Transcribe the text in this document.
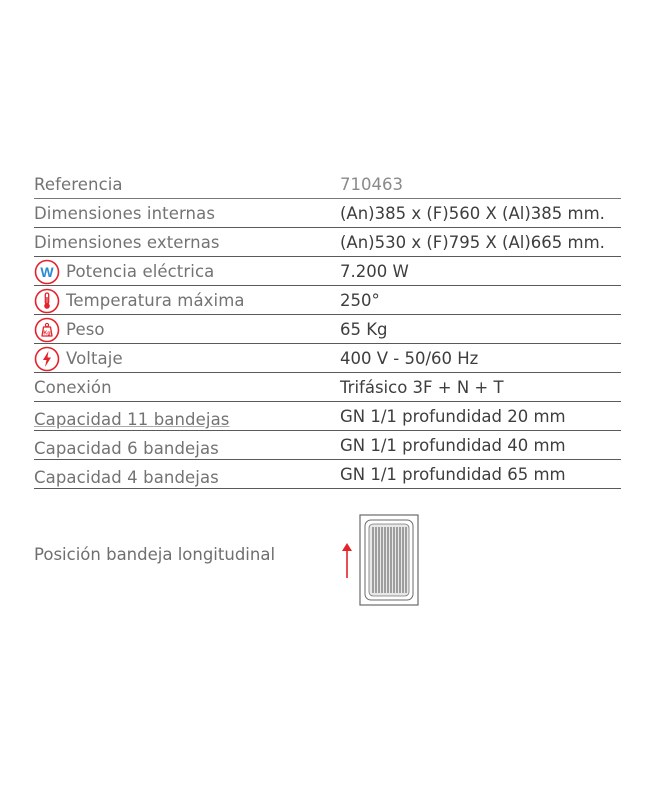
Referencia	710463
Dimensiones internas	(An)385 x (F)560 X (Al)385 mm.
Dimensiones externas	(An)530 x (F)795 X (Al)665 mm.
W Potencia eléctrica	7.200 W
Temperatura máxima	250°
Kg Peso	65 Kg
Voltaje	400 V - 50/60 Hz
Conexión	Trifásico 3F + N + T
Capacidad 11 bandejas	GN 1/1 profundidad 20 mm
Capacidad 6 bandejas	GN 1/1 profundidad 40 mm
Capacidad 4 bandejas	GN 1/1 profundidad 65 mm
Posición bandeja longitudinal
